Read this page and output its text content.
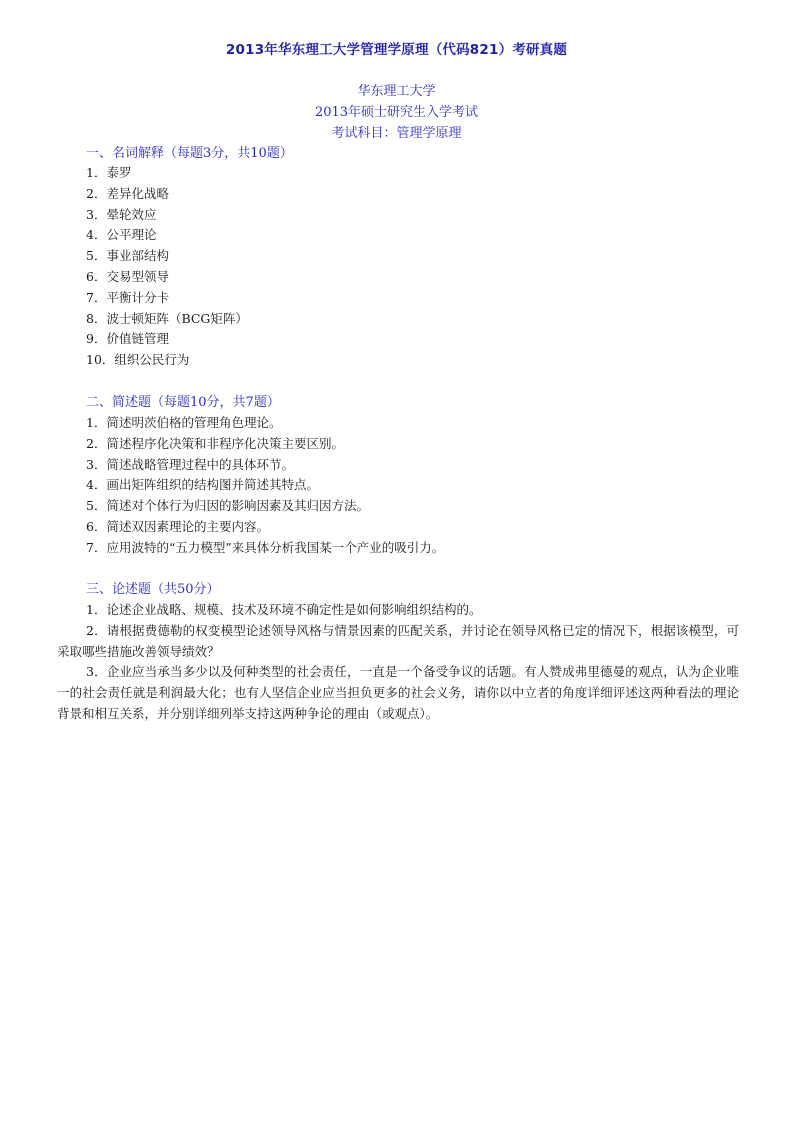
2013年华东理工大学管理学原理（代码821）考研真题
华东理工大学
2013年硕士研究生入学考试
考试科目：管理学原理
一、名词解释（每题3分，共10题）
1．泰罗
2．差异化战略
3．晕轮效应
4．公平理论
5．事业部结构
6．交易型领导
7．平衡计分卡
8．波士顿矩阵（BCG矩阵）
9．价值链管理
10．组织公民行为
二、简述题（每题10分，共7题）
1．简述明茨伯格的管理角色理论。
2．简述程序化决策和非程序化决策主要区别。
3．简述战略管理过程中的具体环节。
4．画出矩阵组织的结构图并简述其特点。
5．简述对个体行为归因的影响因素及其归因方法。
6．简述双因素理论的主要内容。
7．应用波特的“五力模型”来具体分析我国某一个产业的吸引力。
三、论述题（共50分）
1．论述企业战略、规模、技术及环境不确定性是如何影响组织结构的。
2．请根据费德勒的权变模型论述领导风格与情景因素的匹配关系，并讨论在领导风格已定的情况下，根据该模型，可采取哪些措施改善领导绩效？
3．企业应当承当多少以及何种类型的社会责任，一直是一个备受争议的话题。有人赞成弗里德曼的观点，认为企业唯一的社会责任就是利润最大化；也有人坚信企业应当担负更多的社会义务，请你以中立者的角度详细评述这两种看法的理论背景和相互关系，并分别详细列举支持这两种争论的理由（或观点）。
